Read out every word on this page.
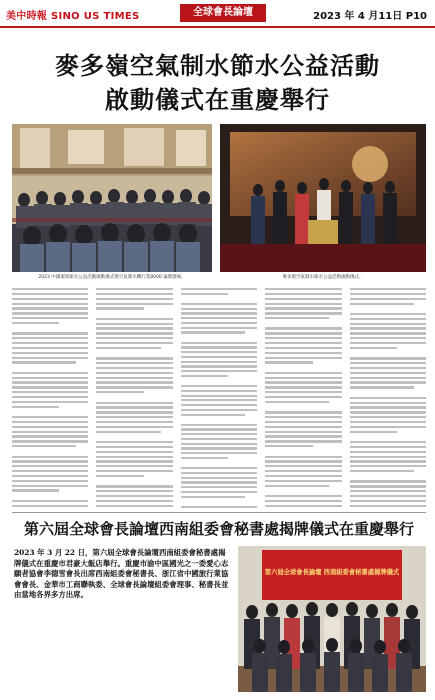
美中時報 SINO US TIMES	全球會長論壇	2023 年 4 月11日 P10
麥多嶺空氣制水節水公益活動
啟動儀式在重慶舉行
2023 中國環保節水公益活動啟動儀式暨空氣制水機行業8000 論壇現場。	麥多嶺空氣制水節水公益活動啟動儀式。
第六屆全球會長論壇西南組委會秘書處揭牌儀式在重慶舉行
2023 年 3 月 22 日，第六屆全球會長論壇西南組委會秘書處揭牌儀式在重慶市君豪大飯店舉行。重慶市渝中區國光之一委愛心志願者協會李德雪會長出席西南組委會秘書長、浙江省中國旅行業協會會長、金華市工商聯執委、全球會長論壇組委會理事、秘書長並由當地各界多方出席。
第六屆全球會長論壇 西南組委會秘書處揭牌儀式
